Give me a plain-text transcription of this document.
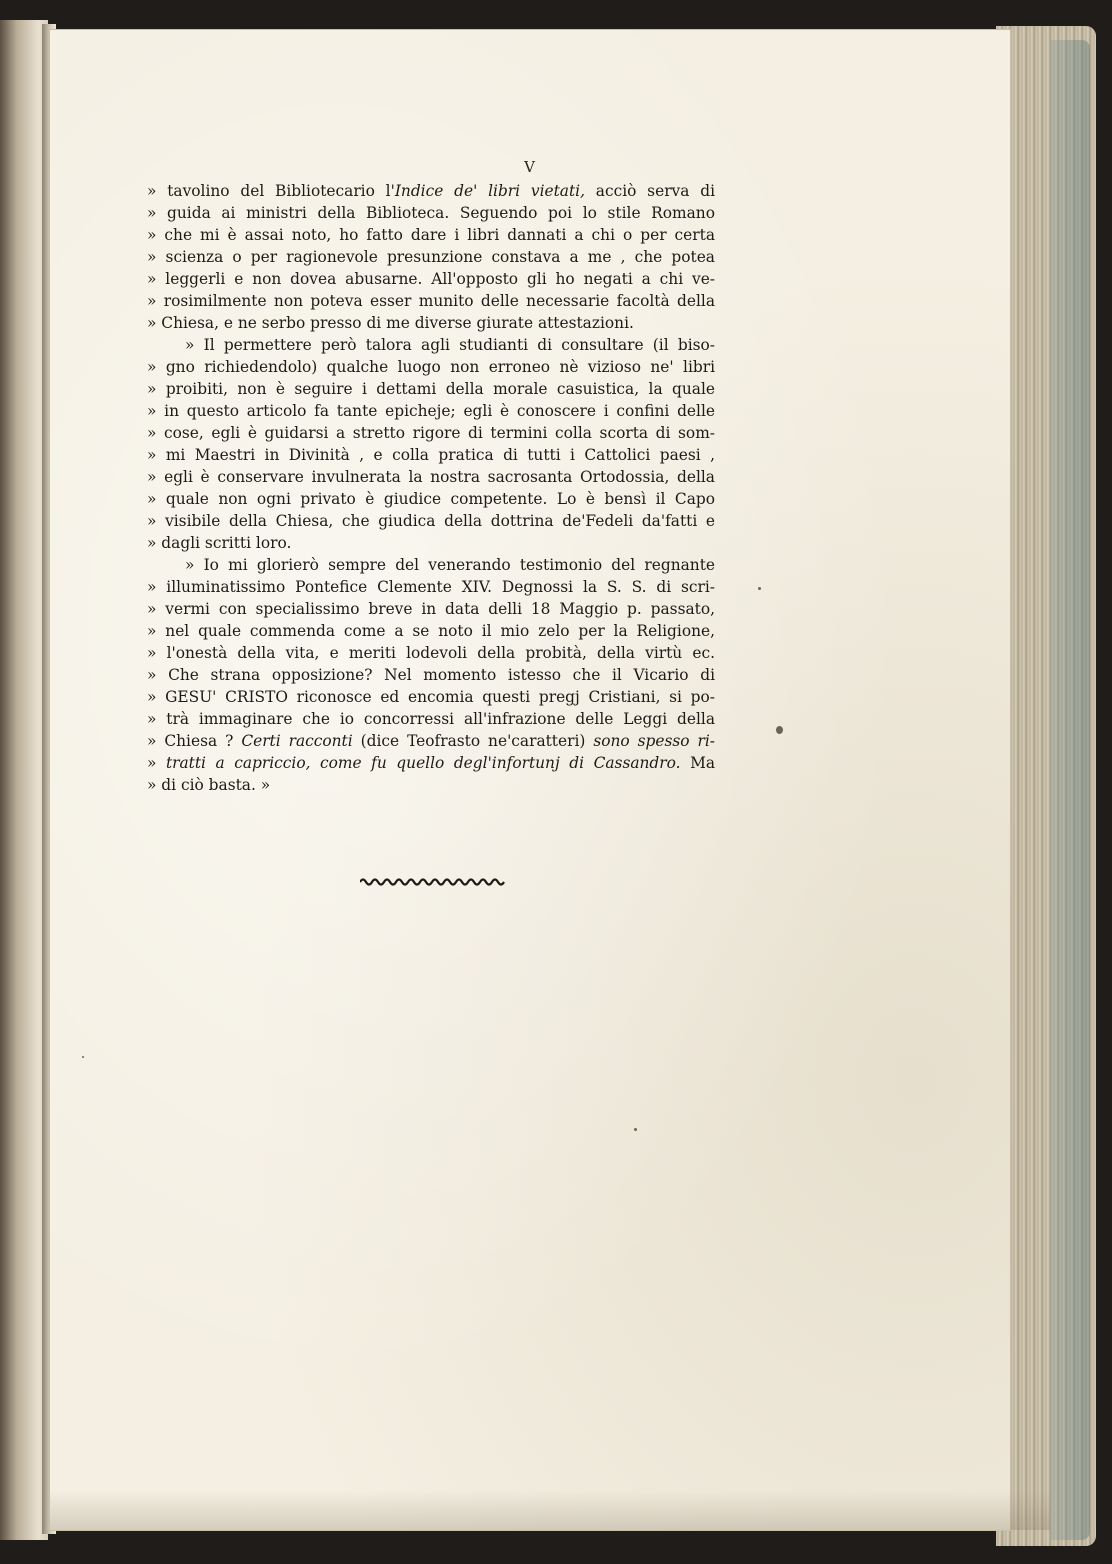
V
» tavolino del Bibliotecario l'Indice de' libri vietati, acciò serva di
» guida ai ministri della Biblioteca. Seguendo poi lo stile Romano
» che mi è assai noto, ho fatto dare i libri dannati a chi o per certa
» scienza o per ragionevole presunzione constava a me , che potea
» leggerli e non dovea abusarne. All'opposto gli ho negati a chi ve-
» rosimilmente non poteva esser munito delle necessarie facoltà della
» Chiesa, e ne serbo presso di me diverse giurate attestazioni.
» Il permettere però talora agli studianti di consultare (il biso-
» gno richiedendolo) qualche luogo non erroneo nè vizioso ne' libri
» proibiti, non è seguire i dettami della morale casuistica, la quale
» in questo articolo fa tante epicheje; egli è conoscere i confini delle
» cose, egli è guidarsi a stretto rigore di termini colla scorta di som-
» mi Maestri in Divinità , e colla pratica di tutti i Cattolici paesi ,
» egli è conservare invulnerata la nostra sacrosanta Ortodossia, della
» quale non ogni privato è giudice competente. Lo è bensì il Capo
» visibile della Chiesa, che giudica della dottrina de'Fedeli da'fatti e
» dagli scritti loro.
» Io mi glorierò sempre del venerando testimonio del regnante
» illuminatissimo Pontefice Clemente XIV. Degnossi la S. S. di scri-
» vermi con specialissimo breve in data delli 18 Maggio p. passato,
» nel quale commenda come a se noto il mio zelo per la Religione,
» l'onestà della vita, e meriti lodevoli della probità, della virtù ec.
» Che strana opposizione? Nel momento istesso che il Vicario di
» GESU' CRISTO riconosce ed encomia questi pregj Cristiani, si po-
» trà immaginare che io concorressi all'infrazione delle Leggi della
» Chiesa ? Certi racconti (dice Teofrasto ne'caratteri) sono spesso ri-
» tratti a capriccio, come fu quello degl'infortunj di Cassandro. Ma
» di ciò basta. »
